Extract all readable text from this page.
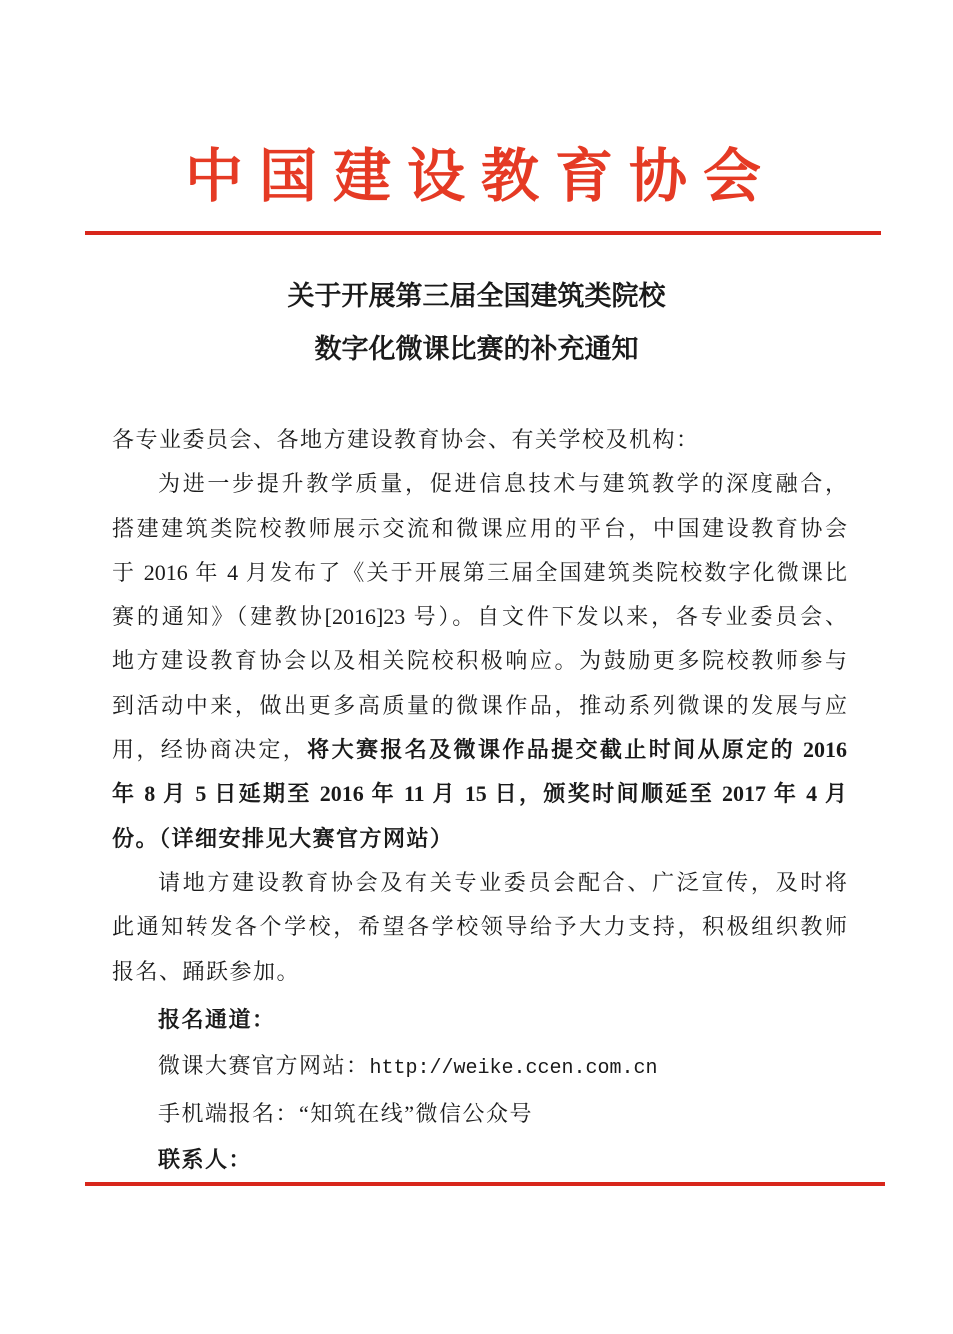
中国建设教育协会
关于开展第三届全国建筑类院校
数字化微课比赛的补充通知
各专业委员会、各地方建设教育协会、有关学校及机构：
为进一步提升教学质量，促进信息技术与建筑教学的深度融合，
搭建建筑类院校教师展示交流和微课应用的平台，中国建设教育协会
于 2016 年 4 月发布了《关于开展第三届全国建筑类院校数字化微课比
赛的通知》（建教协[2016]23 号）。自文件下发以来，各专业委员会、
地方建设教育协会以及相关院校积极响应。为鼓励更多院校教师参与
到活动中来，做出更多高质量的微课作品，推动系列微课的发展与应
用，经协商决定，将大赛报名及微课作品提交截止时间从原定的 2016
年 8 月 5 日延期至 2016 年 11 月 15 日，颁奖时间顺延至 2017 年 4 月
份。（详细安排见大赛官方网站）
请地方建设教育协会及有关专业委员会配合、广泛宣传，及时将
此通知转发各个学校，希望各学校领导给予大力支持，积极组织教师
报名、踊跃参加。
报名通道：
微课大赛官方网站：http://weike.ccen.com.cn
手机端报名：“知筑在线”微信公众号
联系人：
